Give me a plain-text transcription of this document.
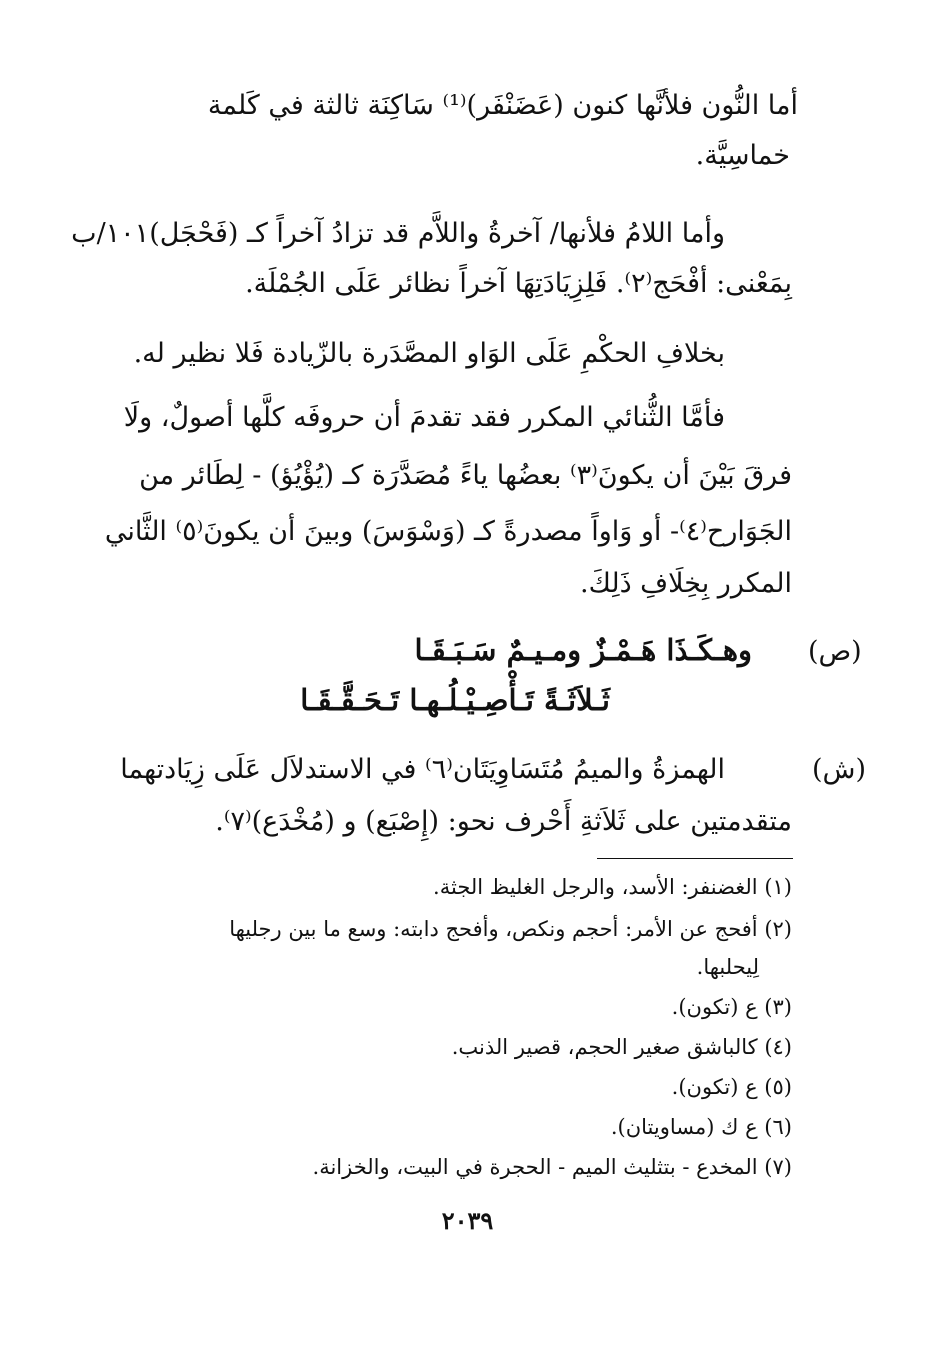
أما النُّون فلأنَّها كنون (عَضَنْفَر)⁽¹⁾ سَاكِنَة ثالثة في كَلمة
خماسِيَّة.
وأما اللامُ فلأنها/ آخرةُ واللاَّم قد تزادُ آخراً كـ (فَحْجَل)١٠١/ب
بِمَعْنى: أفْحَج⁽٢⁾. فَلِزِيَادَتِهَا آخراً نظائر عَلَى الجُمْلَة.
بخلافِ الحكْمِ عَلَى الوَاو المصَّدَرة بالزّيادة فَلا نظير له.
فأمَّا الثُّنائي المكرر فقد تقدمَ أن حروفَه كلَّها أصولٌ، ولَا
فرقَ بَيْنَ أن يكونَ⁽٣⁾ بعضُها ياءً مُصَدَّرَة كـ (يُؤْيُؤ) - لِطَائر من
الجَوَارح⁽٤⁾- أو وَاواً مصدرةً كـ (وَسْوَسَ) وبينَ أن يكونَ⁽٥⁾ الثَّاني
المكرر بِخِلَافِ ذَلِكَ.
(ص)
وهـكَـذَا هَـمْـزٌ ومـيـمٌ سَـبَـقَـا
ثَـلاَثَـةً تَـأْصِـيْـلُـهـا تَـحَـقَّـقَـا
(ش)
الهمزةُ والميمُ مُتَسَاوِيَتَان⁽٦⁾ في الاستدلاَل عَلَى زِيَادتهما
متقدمتين على ثَلاَثةِ أَحْرف نحو: (إِصْبَع) و (مُخْدَع)⁽٧⁾.
(١) الغضنفر: الأسد، والرجل الغليظ الجثة.
(٢) أفحج عن الأمر: أحجم ونكص، وأفحج دابته: وسع ما بين رجليها
لِيحلبها.
(٣) ع (تكون).
(٤) كالباشق صغير الحجم، قصير الذنب.
(٥) ع (تكون).
(٦) ع ك (مساويتان).
(٧) المخدع - بتثليث الميم - الحجرة في البيت، والخزانة.
٢٠٣٩
